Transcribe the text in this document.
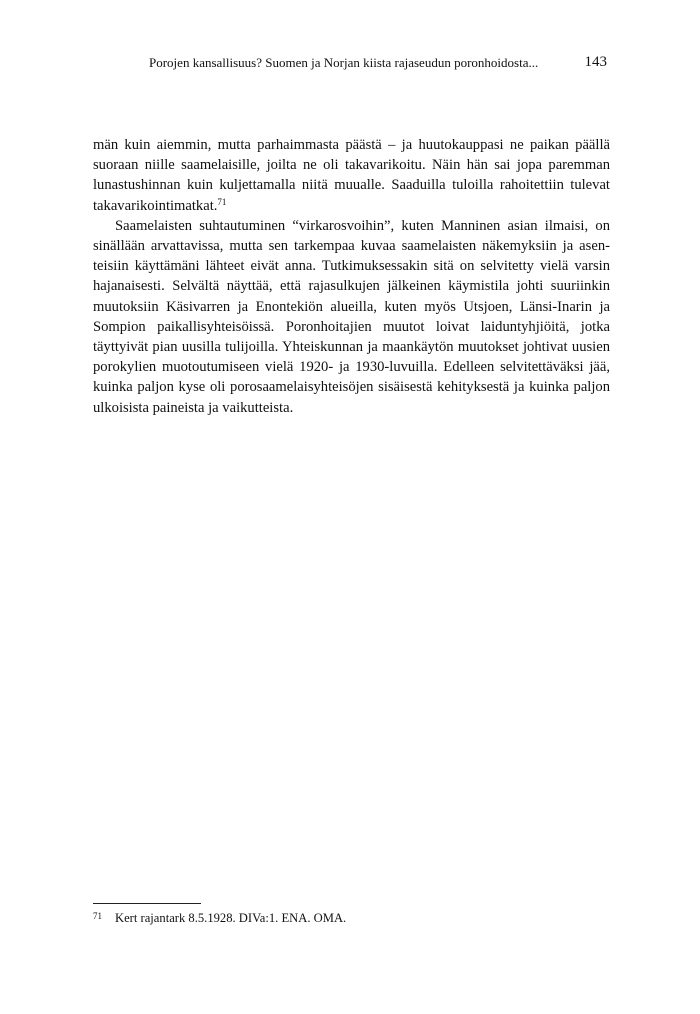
Porojen kansallisuus? Suomen ja Norjan kiista rajaseudun poronhoidosta...	143

män kuin aiemmin, mutta parhaimmasta päästä – ja huutokauppasi ne paikan päällä suoraan niille saamelaisille, joilta ne oli takavarikoitu. Näin hän sai jopa paremman lunastushinnan kuin kuljettamalla niitä muualle. Saaduilla tuloilla rahoitettiin tulevat takavarikointimatkat.$^{71}$

Saamelaisten suhtautuminen “virkarosvoihin”, kuten Manninen asian ilmaisi, on sinällään arvattavissa, mutta sen tarkempaa kuvaa saamelaisten näkemyksiin ja asenteisiin käyttämäni lähteet eivät anna. Tutkimuksessakin sitä on selvitetty vielä varsin hajanaisesti. Selvältä näyttää, että rajasulkujen jälkeinen käymistila johti suuriinkin muutoksiin Käsivarren ja Enontekiön alueilla, kuten myös Utsjoen, Länsi-Inarin ja Sompion paikallisyhteisöissä. Poronhoitajien muutot loivat laiduntyhjiöitä, jotka täyttyivät pian uusilla tulijoilla. Yhteiskunnan ja maankäytön muutokset johtivat uusien porokylien muotoutumiseen vielä 1920- ja 1930-luvuilla. Edelleen selvitettäväksi jää, kuinka paljon kyse oli porosaamelaisyhteisöjen sisäisestä kehityksestä ja kuinka paljon ulkoisista paineista ja vaikutteista.

71 Kert rajantark 8.5.1928. DIVa:1. ENA. OMA.
